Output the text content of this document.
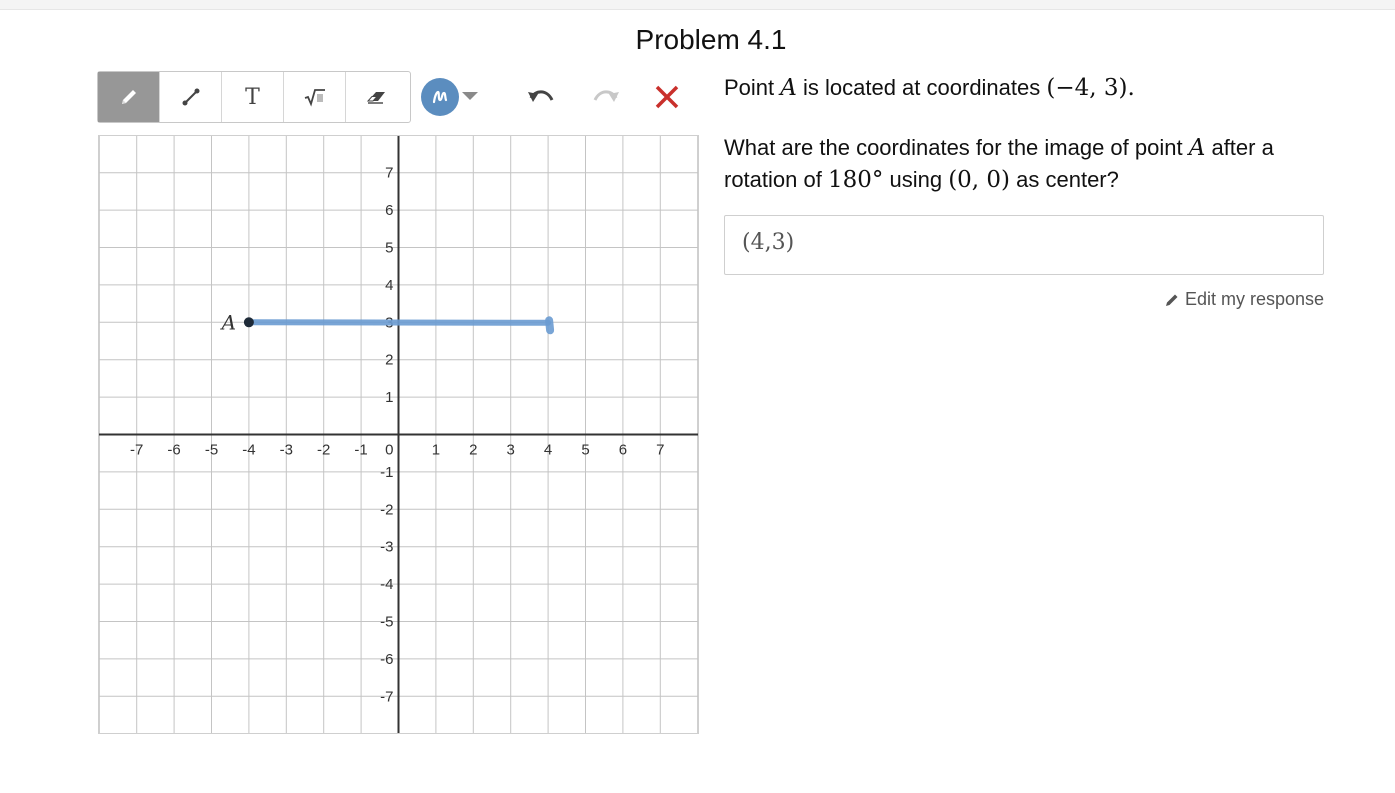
Problem 4.1
T
-7 -6 -5 -4 -3 -2 -1	1 2 3 4 5 6 7
1
2
3
4
5
6
7
-1
-2
-3
-4
-5
-6
-7
0
A

Point A is located at coordinates (−4, 3).

What are the coordinates for the image of point A after a rotation of 180° using (0, 0) as center?

(4,3)
Edit my response
